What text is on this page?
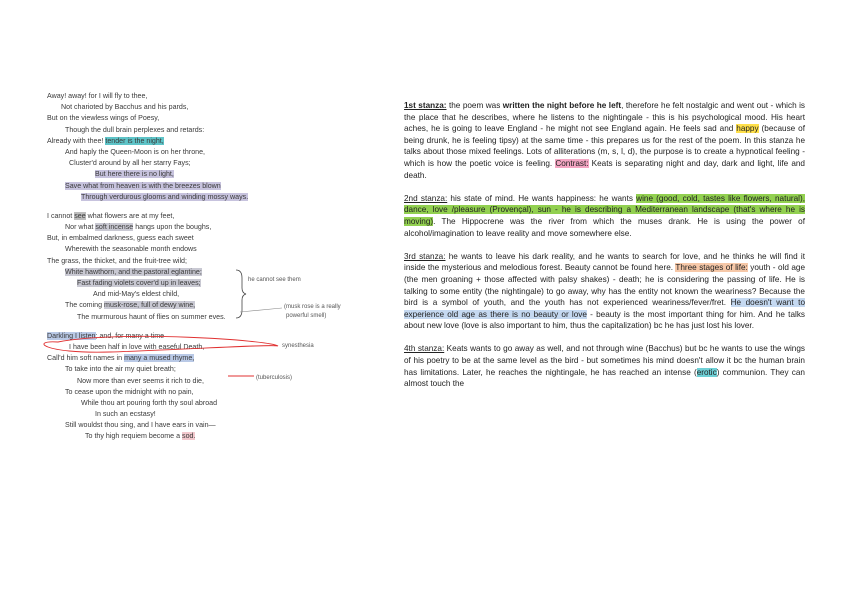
Away! away! for I will fly to thee,
Not charioted by Bacchus and his pards,
But on the viewless wings of Poesy,
Though the dull brain perplexes and retards:
Already with thee! tender is the night,
And haply the Queen-Moon is on her throne,
Cluster'd around by all her starry Fays;
But here there is no light,
Save what from heaven is with the breezes blown
Through verdurous glooms and winding mossy ways.
I cannot see what flowers are at my feet,
Nor what soft incense hangs upon the boughs,
But, in embalmed darkness, guess each sweet
Wherewith the seasonable month endows
The grass, the thicket, and the fruit-tree wild;
White hawthorn, and the pastoral eglantine;
Fast fading violets cover'd up in leaves;
And mid-May's eldest child,
The coming musk-rose, full of dewy wine,
The murmurous haunt of flies on summer eves.
Darkling I listen; and, for many a time
I have been half in love with easeful Death,
Call'd him soft names in many a mused rhyme,
To take into the air my quiet breath;
Now more than ever seems it rich to die,
To cease upon the midnight with no pain,
While thou art pouring forth thy soul abroad
In such an ecstasy!
Still wouldst thou sing, and I have ears in vain—
To thy high requiem become a sod.
he cannot see them
(musk rose is a really
powerful smell)
synesthesia
(tuberculosis)

1st stanza: the poem was written the night before he left, therefore he felt nostalgic and went out - which is the place that he describes, where he listens to the nightingale - this is his psychological mood. His heart aches, he is going to leave England - he might not see England again. He feels sad and happy (because of being drunk, he is feeling tipsy) at the same time - this prepares us for the rest of the poem. In this stanza he talks about those mixed feelings. Lots of alliterations (m, s, l, d), the purpose is to create a hypnotical feeling - which is how the poetic voice is feeling. Contrast: Keats is separating night and day, dark and light, life and death.

2nd stanza: his state of mind. He wants happiness: he wants wine (good, cold, tastes like flowers, natural), dance, love /pleasure (Provençal), sun - he is describing a Mediterranean landscape (that's where he is moving). The Hippocrene was the river from which the muses drank. He is using the power of alcohol/imagination to leave reality and move somewhere else.

3rd stanza: he wants to leave his dark reality, and he wants to search for love, and he thinks he will find it inside the mysterious and melodious forest. Beauty cannot be found here. Three stages of life: youth - old age (the men groaning + those affected with palsy shakes) - death; he is considering the passing of life. He is talking to some entity (the nightingale) to go away, why has the entity not known the weariness? Because the bird is a symbol of youth, and the youth has not experienced weariness/fever/fret. He doesn't want to experience old age as there is no beauty or love - beauty is the most important thing for him. And he talks about new love (love is also important to him, thus the capitalization) bc he has just lost his lover.

4th stanza: Keats wants to go away as well, and not through wine (Bacchus) but bc he wants to use the wings of his poetry to be at the same level as the bird - but sometimes his mind doesn't allow it bc the human brain has limitations. Later, he reaches the nightingale, he has reached an intense (erotic) communion. They can almost touch the
